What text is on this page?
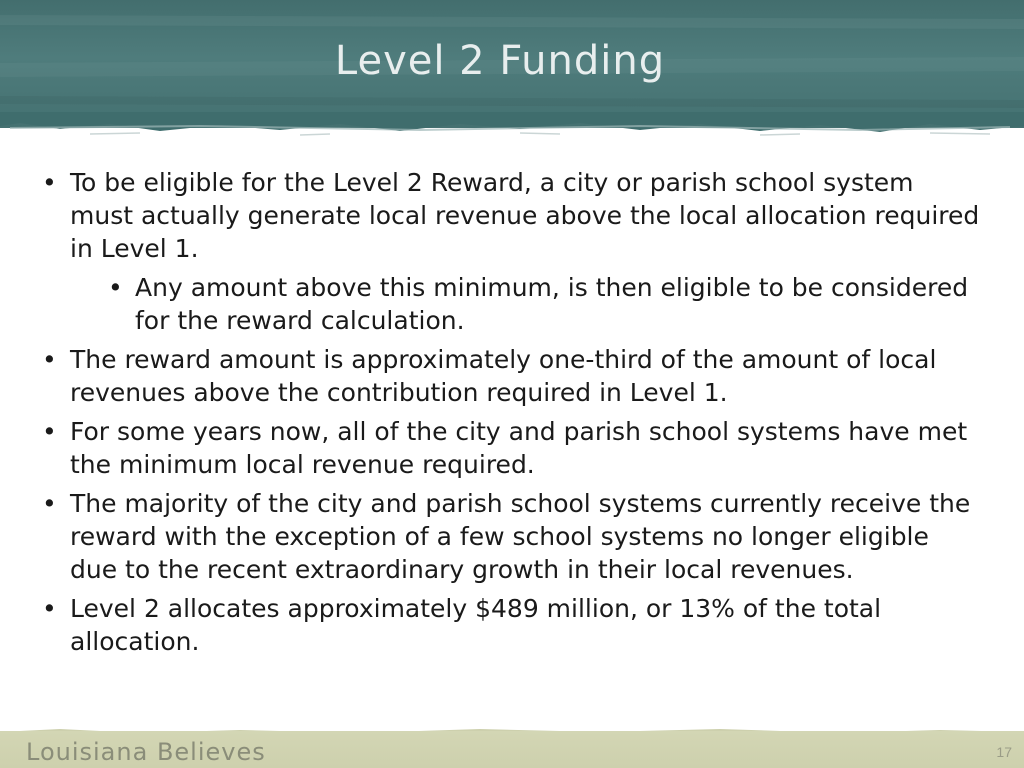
Level 2 Funding
• To be eligible for the Level 2 Reward, a city or parish school system must actually generate local revenue above the local allocation required in Level 1.
• Any amount above this minimum, is then eligible to be considered for the reward calculation.
• The reward amount is approximately one-third of the amount of local revenues above the contribution required in Level 1.
• For some years now, all of the city and parish school systems have met the minimum local revenue required.
• The majority of the city and parish school systems currently receive the reward with the exception of a few school systems no longer eligible due to the recent extraordinary growth in their local revenues.
• Level 2 allocates approximately $489 million, or 13% of the total allocation.
Louisiana Believes	17
